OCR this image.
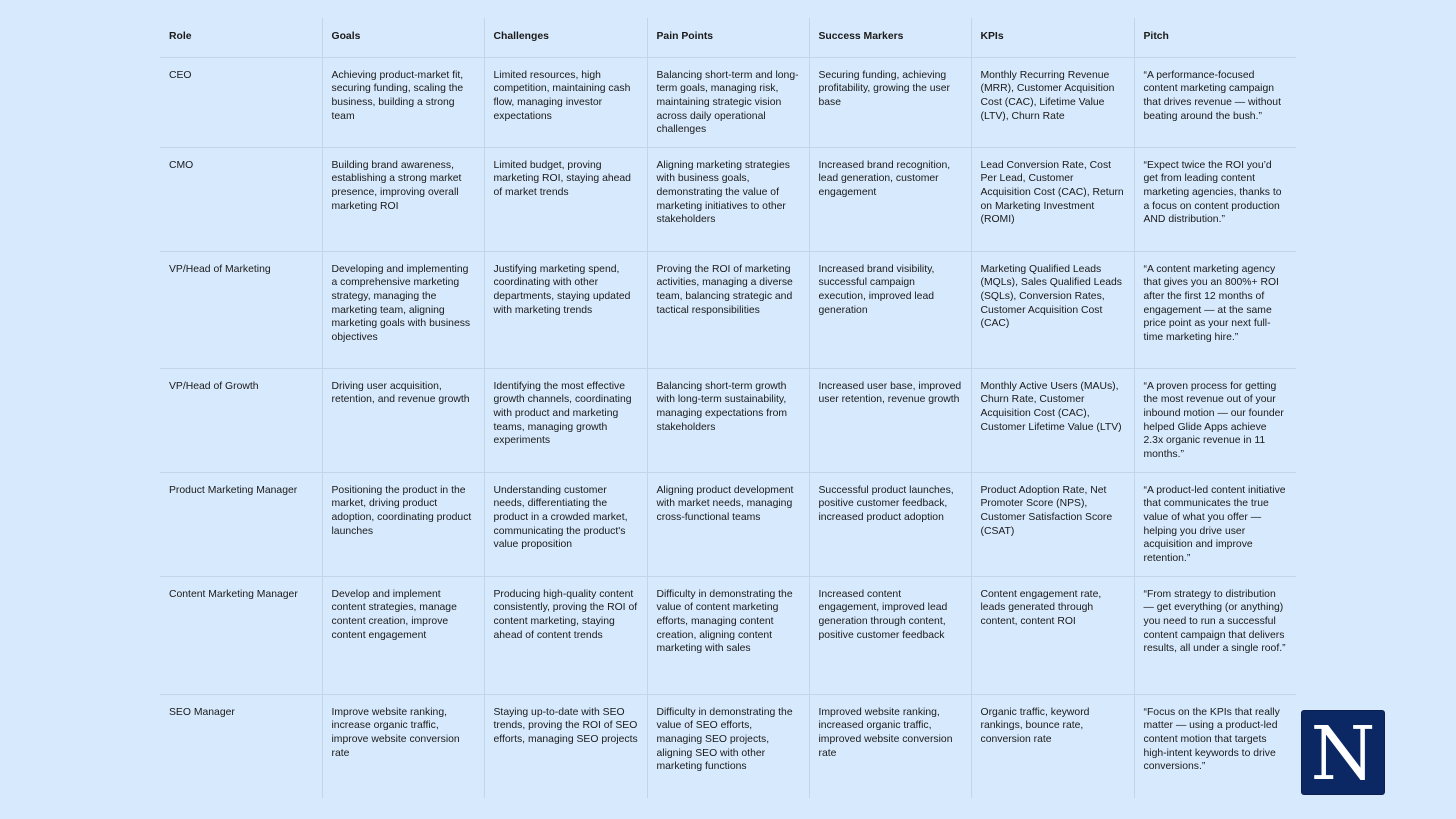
Role	Goals	Challenges	Pain Points	Success Markers	KPIs	Pitch
CEO	Achieving product-market fit, securing funding, scaling the business, building a strong team	Limited resources, high competition, maintaining cash flow, managing investor expectations	Balancing short-term and long-term goals, managing risk, maintaining strategic vision across daily operational challenges	Securing funding, achieving profitability, growing the user base	Monthly Recurring Revenue (MRR), Customer Acquisition Cost (CAC), Lifetime Value (LTV), Churn Rate	“A performance-focused content marketing campaign that drives revenue — without beating around the bush.”
CMO	Building brand awareness, establishing a strong market presence, improving overall marketing ROI	Limited budget, proving marketing ROI, staying ahead of market trends	Aligning marketing strategies with business goals, demonstrating the value of marketing initiatives to other stakeholders	Increased brand recognition, lead generation, customer engagement	Lead Conversion Rate, Cost Per Lead, Customer Acquisition Cost (CAC), Return on Marketing Investment (ROMI)	“Expect twice the ROI you’d get from leading content marketing agencies, thanks to a focus on content production AND distribution.”
VP/Head of Marketing	Developing and implementing a comprehensive marketing strategy, managing the marketing team, aligning marketing goals with business objectives	Justifying marketing spend, coordinating with other departments, staying updated with marketing trends	Proving the ROI of marketing activities, managing a diverse team, balancing strategic and tactical responsibilities	Increased brand visibility, successful campaign execution, improved lead generation	Marketing Qualified Leads (MQLs), Sales Qualified Leads (SQLs), Conversion Rates, Customer Acquisition Cost (CAC)	“A content marketing agency that gives you an 800%+ ROI after the first 12 months of engagement — at the same price point as your next full-time marketing hire.”
VP/Head of Growth	Driving user acquisition, retention, and revenue growth	Identifying the most effective growth channels, coordinating with product and marketing teams, managing growth experiments	Balancing short-term growth with long-term sustainability, managing expectations from stakeholders	Increased user base, improved user retention, revenue growth	Monthly Active Users (MAUs), Churn Rate, Customer Acquisition Cost (CAC), Customer Lifetime Value (LTV)	“A proven process for getting the most revenue out of your inbound motion — our founder helped Glide Apps achieve 2.3x organic revenue in 11 months.”
Product Marketing Manager	Positioning the product in the market, driving product adoption, coordinating product launches	Understanding customer needs, differentiating the product in a crowded market, communicating the product's value proposition	Aligning product development with market needs, managing cross-functional teams	Successful product launches, positive customer feedback, increased product adoption	Product Adoption Rate, Net Promoter Score (NPS), Customer Satisfaction Score (CSAT)	“A product-led content initiative that communicates the true value of what you offer — helping you drive user acquisition and improve retention.”
Content Marketing Manager	Develop and implement content strategies, manage content creation, improve content engagement	Producing high-quality content consistently, proving the ROI of content marketing, staying ahead of content trends	Difficulty in demonstrating the value of content marketing efforts, managing content creation, aligning content marketing with sales	Increased content engagement, improved lead generation through content, positive customer feedback	Content engagement rate, leads generated through content, content ROI	“From strategy to distribution — get everything (or anything) you need to run a successful content campaign that delivers results, all under a single roof.”
SEO Manager	Improve website ranking, increase organic traffic, improve website conversion rate	Staying up-to-date with SEO trends, proving the ROI of SEO efforts, managing SEO projects	Difficulty in demonstrating the value of SEO efforts, managing SEO projects, aligning SEO with other marketing functions	Improved website ranking, increased organic traffic, improved website conversion rate	Organic traffic, keyword rankings, bounce rate, conversion rate	“Focus on the KPIs that really matter — using a product-led content motion that targets high-intent keywords to drive conversions.” N
